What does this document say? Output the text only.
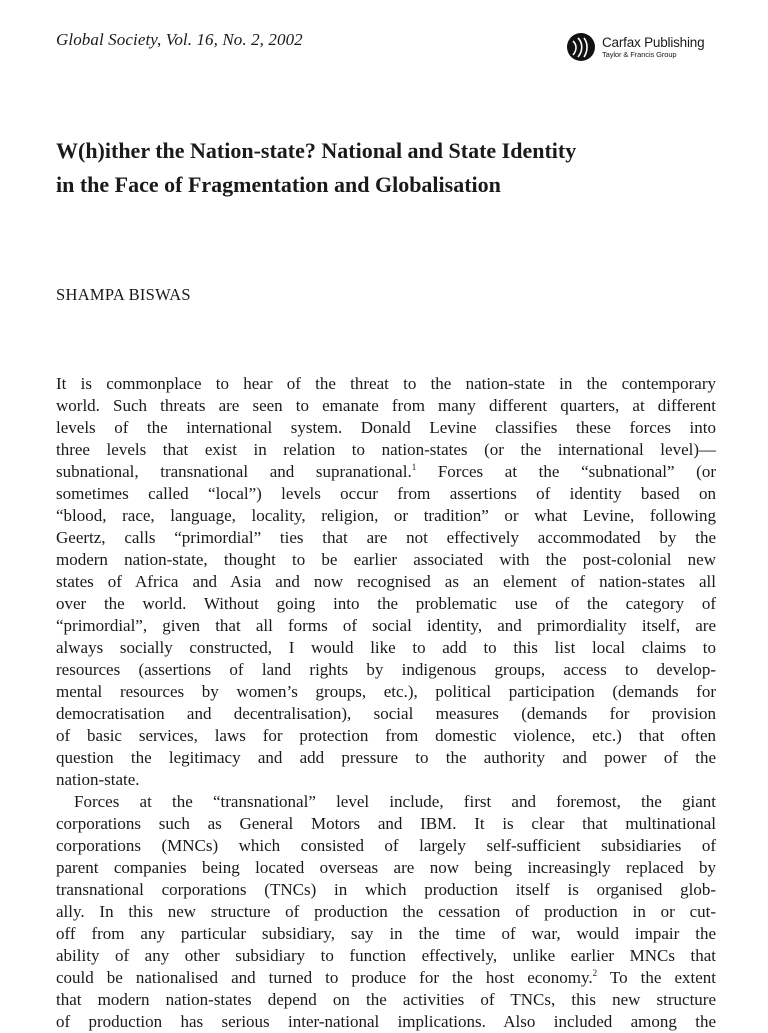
Global Society, Vol. 16, No. 2, 2002	Carfax Publishing
Taylor & Francis Group
W(h)ither the Nation-state? National and State Identity
in the Face of Fragmentation and Globalisation

SHAMPA BISWAS

It is commonplace to hear of the threat to the nation-state in the contemporary
world. Such threats are seen to emanate from many different quarters, at different
levels of the international system. Donald Levine classifies these forces into
three levels that exist in relation to nation-states (or the international level)—
subnational, transnational and supranational.$^1$ Forces at the “subnational” (or
sometimes called “local”) levels occur from assertions of identity based on
“blood, race, language, locality, religion, or tradition” or what Levine, following
Geertz, calls “primordial” ties that are not effectively accommodated by the
modern nation-state, thought to be earlier associated with the post-colonial new
states of Africa and Asia and now recognised as an element of nation-states all
over the world. Without going into the problematic use of the category of
“primordial”, given that all forms of social identity, and primordiality itself, are
always socially constructed, I would like to add to this list local claims to
resources (assertions of land rights by indigenous groups, access to develop-
mental resources by women’s groups, etc.), political participation (demands for
democratisation and decentralisation), social measures (demands for provision
of basic services, laws for protection from domestic violence, etc.) that often
question the legitimacy and add pressure to the authority and power of the
nation-state.
Forces at the “transnational” level include, first and foremost, the giant
corporations such as General Motors and IBM. It is clear that multinational
corporations (MNCs) which consisted of largely self-sufficient subsidiaries of
parent companies being located overseas are now being increasingly replaced by
transnational corporations (TNCs) in which production itself is organised glob-
ally. In this new structure of production the cessation of production in or cut-
off from any particular subsidiary, say in the time of war, would impair the
ability of any other subsidiary to function effectively, unlike earlier MNCs that
could be nationalised and turned to produce for the host economy.$^2$ To the extent
that modern nation-states depend on the activities of TNCs, this new structure
of production has serious inter-national implications. Also included among the
